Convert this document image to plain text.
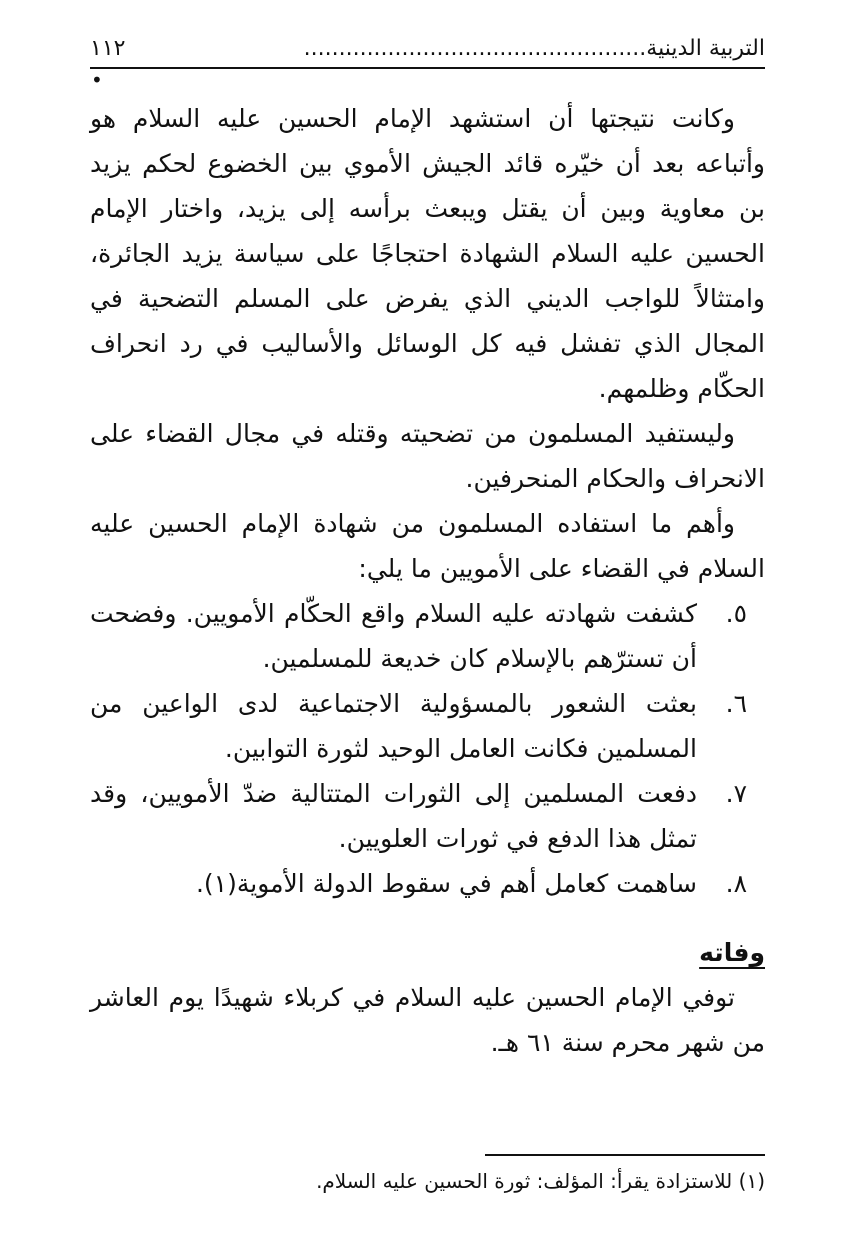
التربية الدينية.................................................
١١٢
•

وكانت نتيجتها أن استشهد الإمام الحسين عليه السلام هو وأتباعه بعد أن خيّره قائد الجيش الأموي بين الخضوع لحكم يزيد بن معاوية وبين أن يقتل ويبعث برأسه إلى يزيد، واختار الإمام الحسين عليه السلام الشهادة احتجاجًا على سياسة يزيد الجائرة، وامتثالاً للواجب الديني الذي يفرض على المسلم التضحية في المجال الذي تفشل فيه كل الوسائل والأساليب في رد انحراف الحكّام وظلمهم.

وليستفيد المسلمون من تضحيته وقتله في مجال القضاء على الانحراف والحكام المنحرفين.

وأهم ما استفاده المسلمون من شهادة الإمام الحسين عليه السلام في القضاء على الأمويين ما يلي:

٥.
كشفت شهادته عليه السلام واقع الحكّام الأمويين. وفضحت أن تسترّهم بالإسلام كان خديعة للمسلمين.
٦.
بعثت الشعور بالمسؤولية الاجتماعية لدى الواعين من المسلمين فكانت العامل الوحيد لثورة التوابين.
٧.
دفعت المسلمين إلى الثورات المتتالية ضدّ الأمويين، وقد تمثل هذا الدفع في ثورات العلويين.
٨.
ساهمت كعامل أهم في سقوط الدولة الأموية(١).
وفاته

توفي الإمام الحسين عليه السلام في كربلاء شهيدًا يوم العاشر من شهر محرم سنة ٦١ هـ.

(١) للاستزادة يقرأ: المؤلف: ثورة الحسين عليه السلام.
